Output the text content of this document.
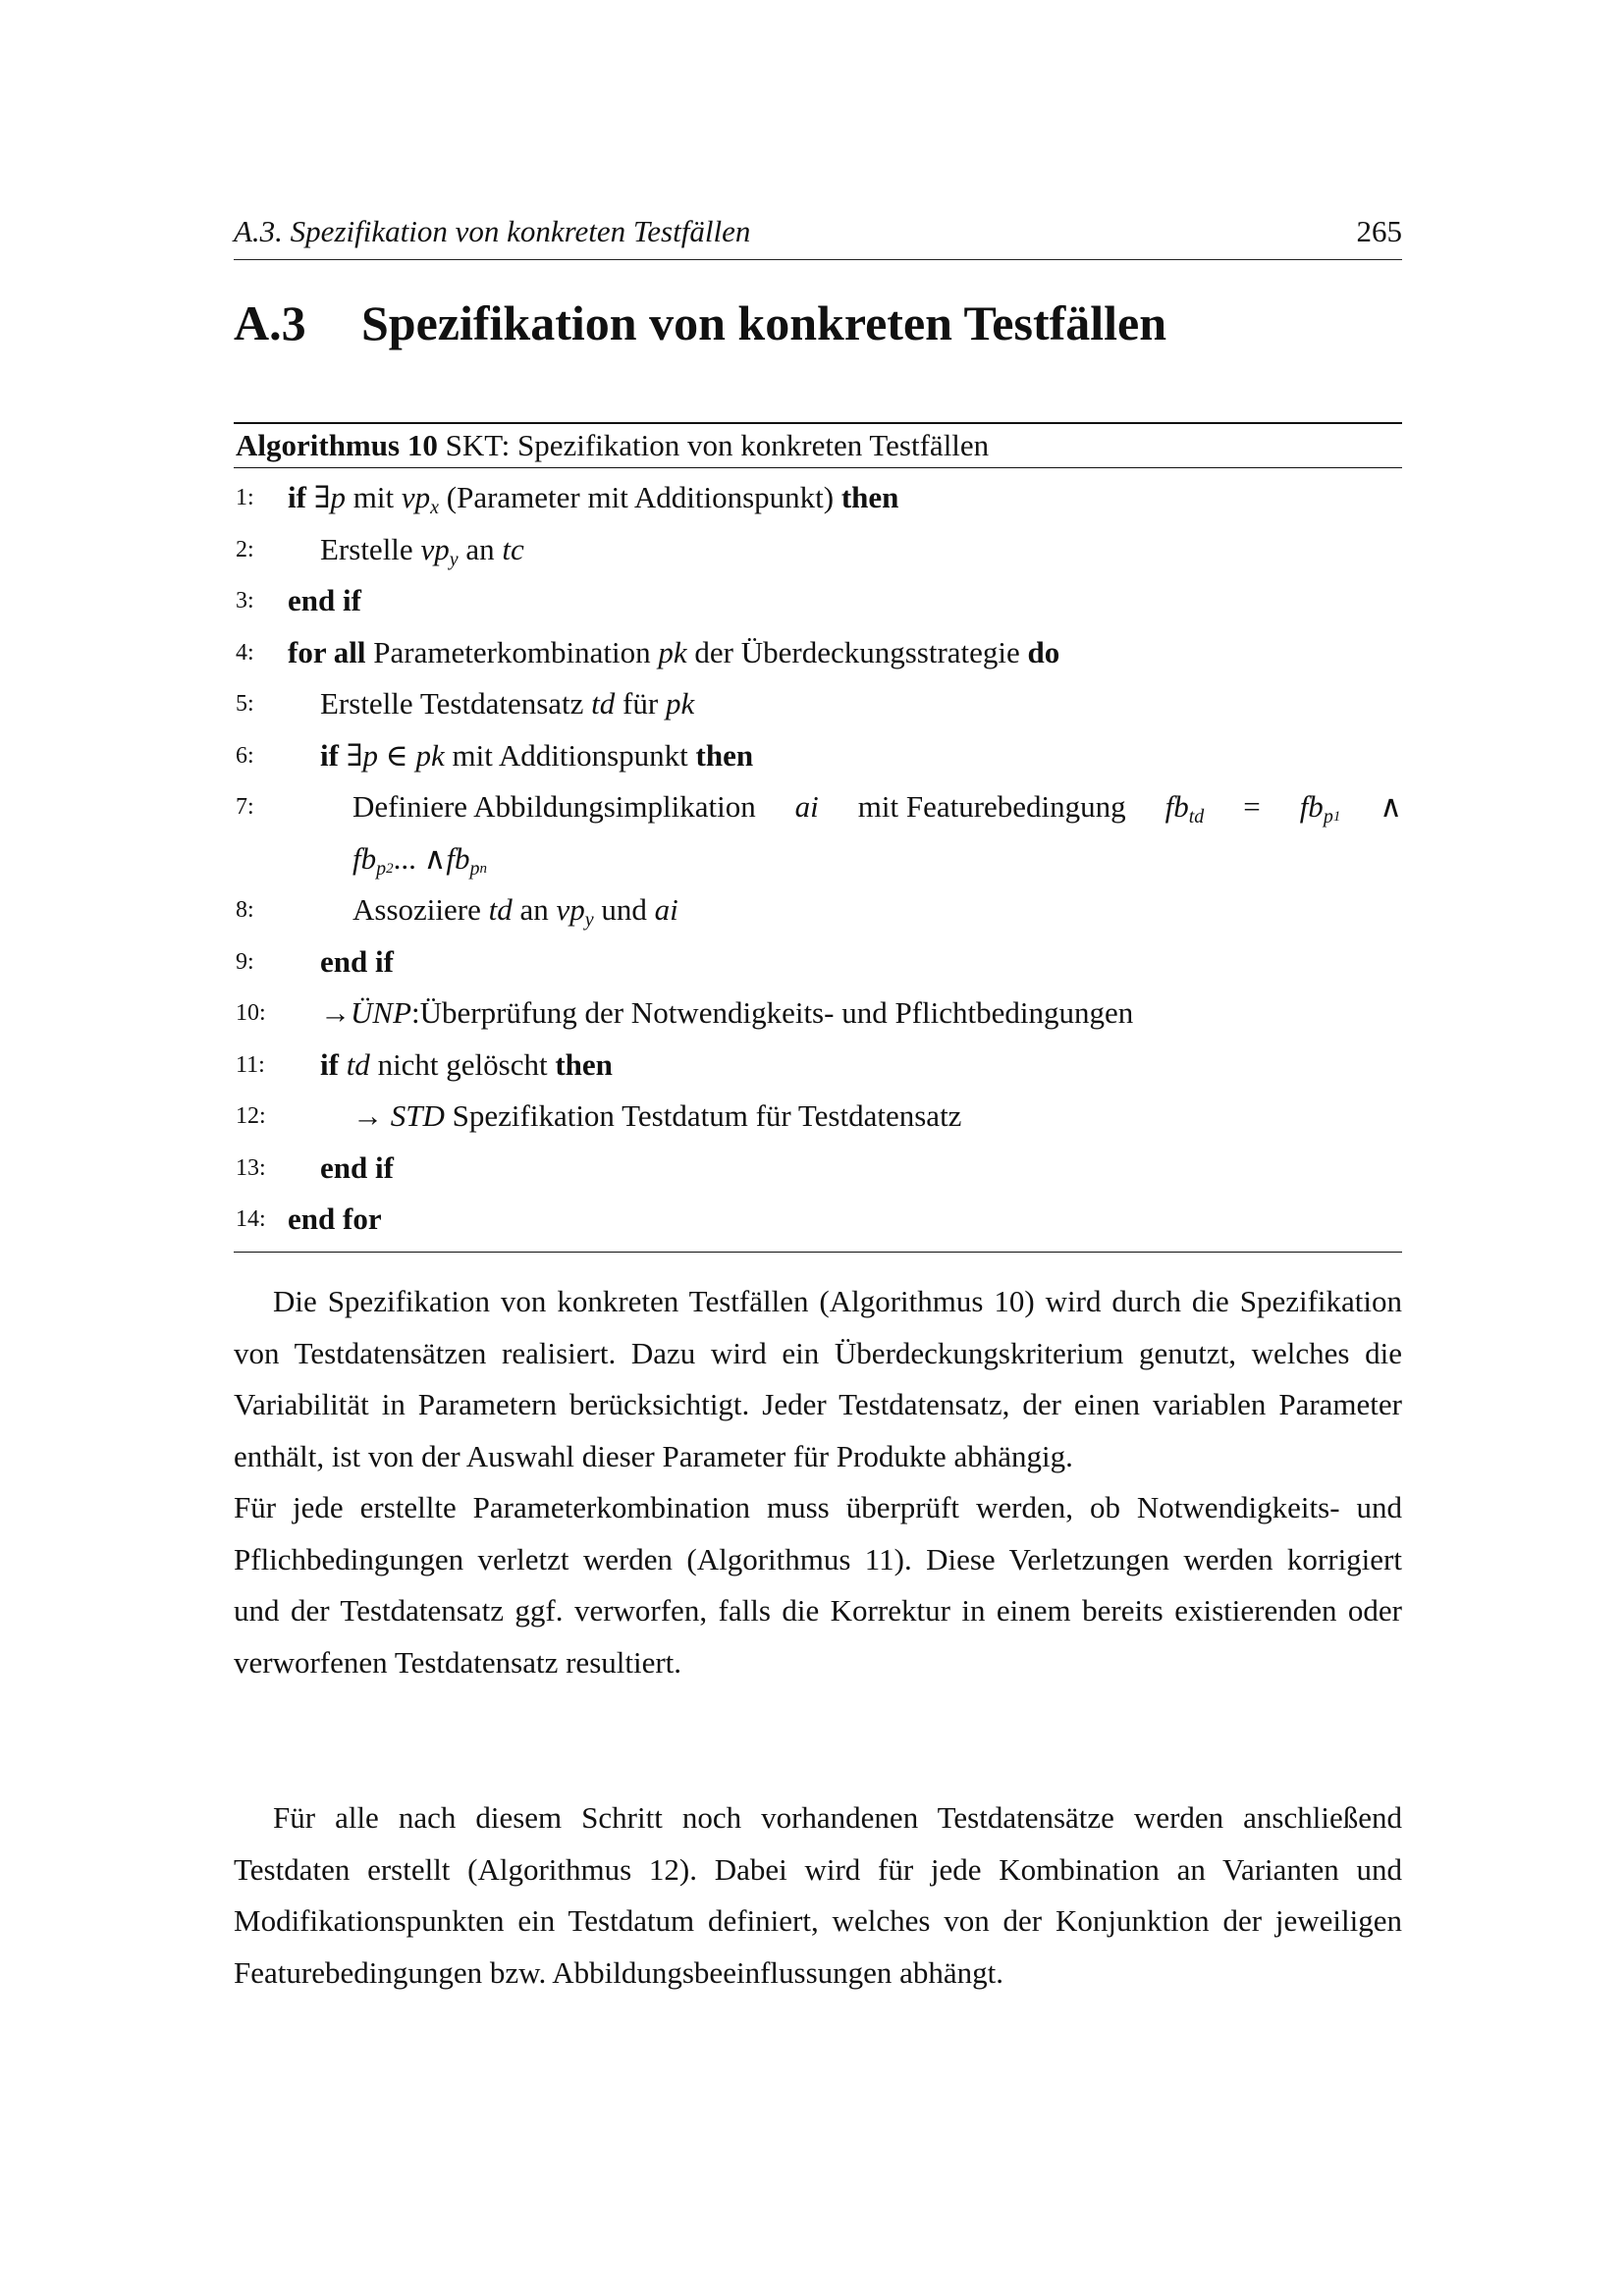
A.3. Spezifikation von konkreten Testfällen	265
A.3 Spezifikation von konkreten Testfällen
Algorithmus 10 SKT: Spezifikation von konkreten Testfällen
1:	if ∃p mit $vp_x$ (Parameter mit Additionspunkt) then
2:	Erstelle $vp_y$ an tc
3:	end if
4:	for all Parameterkombination pk der Überdeckungsstrategie do
5:	Erstelle Testdatensatz td für pk
6:	if ∃p ∈ pk mit Additionspunkt then
7:	Definiere Abbildungsimplikation ai mit Featurebedingung $fb_{td} = fb_p1$ ∧
$fb_p2$... $\wedge fb_pn$
8:	Assoziiere td an $vp_y$ und ai
9:	end if
10:	→ÜNP:Überprüfung der Notwendigkeits- und Pflichtbedingungen
11:	if td nicht gelöscht then
12:	→ STD Spezifikation Testdatum für Testdatensatz
13:	end if
14: end for

Die Spezifikation von konkreten Testfällen (Algorithmus 10) wird durch die Spezifikation von Testdatensätzen realisiert. Dazu wird ein Überdeckungskriterium genutzt, welches die Variabilität in Parametern berücksichtigt. Jeder Testdatensatz, der einen variablen Parameter enthält, ist von der Auswahl dieser Parameter für Produkte abhängig.

Für jede erstellte Parameterkombination muss überprüft werden, ob Notwendigkeits- und Pflichbedingungen verletzt werden (Algorithmus 11). Diese Verletzungen werden korrigiert und der Testdatensatz ggf. verworfen, falls die Korrektur in einem bereits existierenden oder verworfenen Testdatensatz resultiert.

Für alle nach diesem Schritt noch vorhandenen Testdatensätze werden anschließend Testdaten erstellt (Algorithmus 12). Dabei wird für jede Kombination an Varianten und Modifikationspunkten ein Testdatum definiert, welches von der Konjunktion der jeweiligen Featurebedingungen bzw. Abbildungsbeeinflussungen abhängt.
